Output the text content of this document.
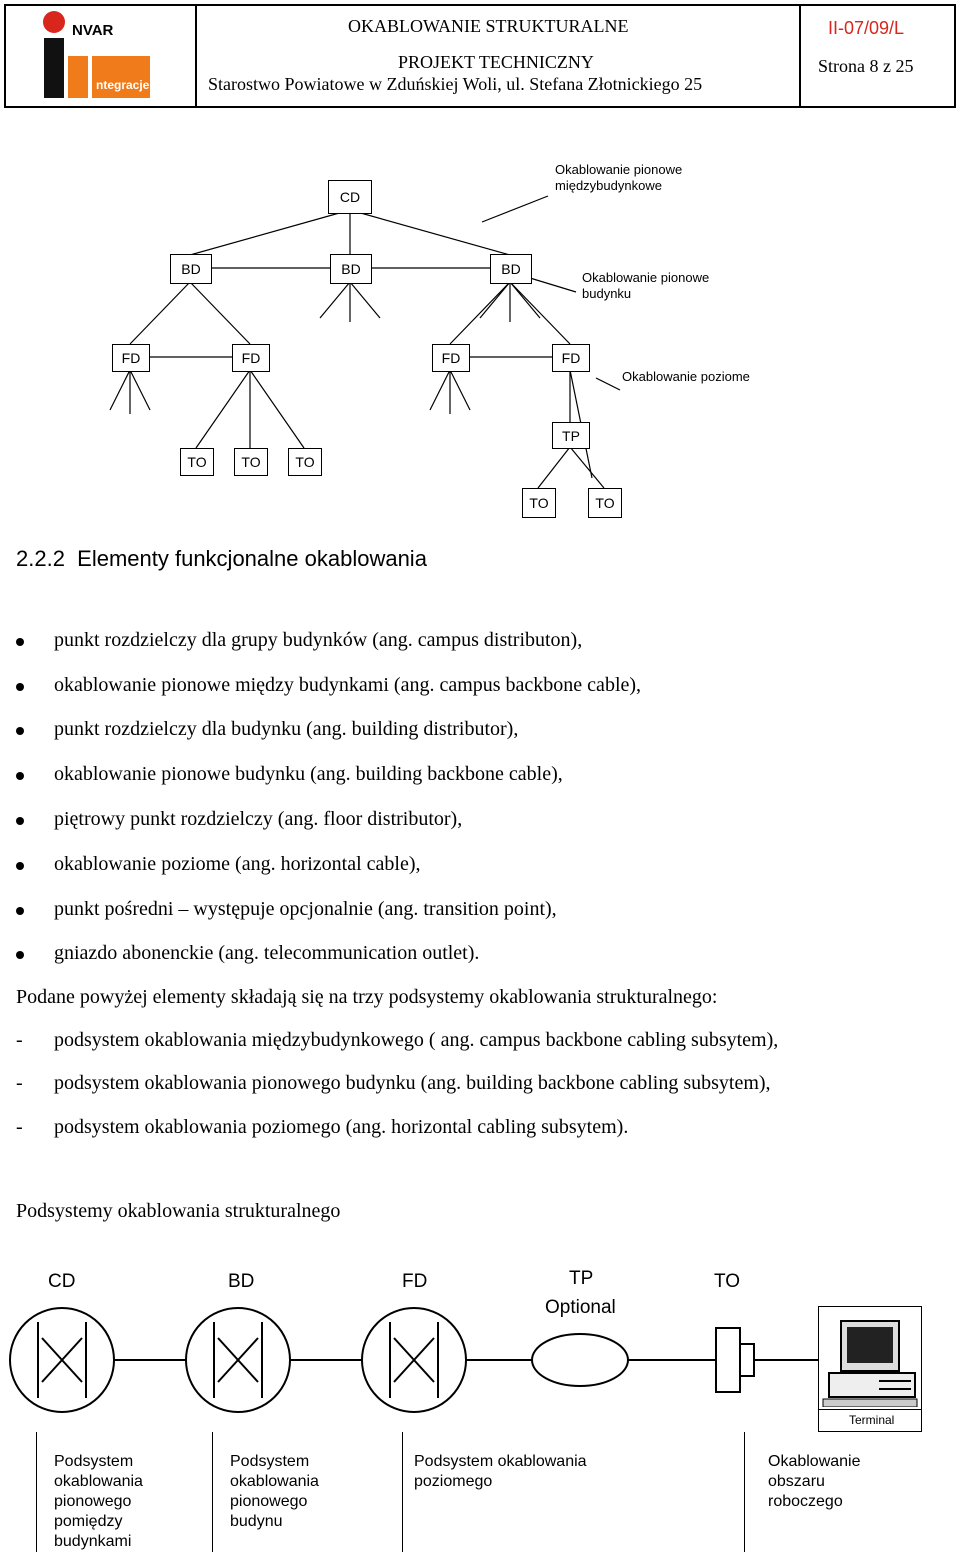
NVAR
ntegracje
OKABLOWANIE STRUKTURALNE
PROJEKT TECHNICZNY
Starostwo Powiatowe w Zduńskiej Woli, ul. Stefana Złotnickiego 25
II-07/09/L
Strona 8 z 25
CD
BD	BD	BD
FD	FD	FD	FD
TP
TO	TO	TO
TO	TO
Okablowanie pionowe
międzybudynkowe
Okablowanie pionowe
budynku
Okablowanie poziome
2.2.2  Elementy funkcjonalne okablowania
punkt rozdzielczy dla grupy budynków (ang. campus distributon),
okablowanie pionowe między budynkami (ang. campus backbone cable),
punkt rozdzielczy dla budynku (ang. building distributor),
okablowanie pionowe budynku (ang. building backbone cable),
piętrowy punkt rozdzielczy (ang. floor distributor),
okablowanie poziome (ang. horizontal cable),
punkt pośredni – występuje opcjonalnie (ang. transition point),
gniazdo abonenckie (ang. telecommunication outlet).
Podane powyżej elementy składają się na trzy podsystemy okablowania strukturalnego:
- podsystem okablowania międzybudynkowego ( ang. campus backbone cabling subsytem),
- podsystem okablowania pionowego budynku (ang. building backbone cabling subsytem),
- podsystem okablowania poziomego (ang. horizontal cabling subsytem).
Podsystemy okablowania strukturalnego
CD	BD	FD	TP
Optional
TO
Terminal
Podsystem
okablowania
pionowego
pomiędzy
budynkami
Podsystem
okablowania
pionowego
budynu
Podsystem okablowania
poziomego
Okablowanie
obszaru
roboczego
